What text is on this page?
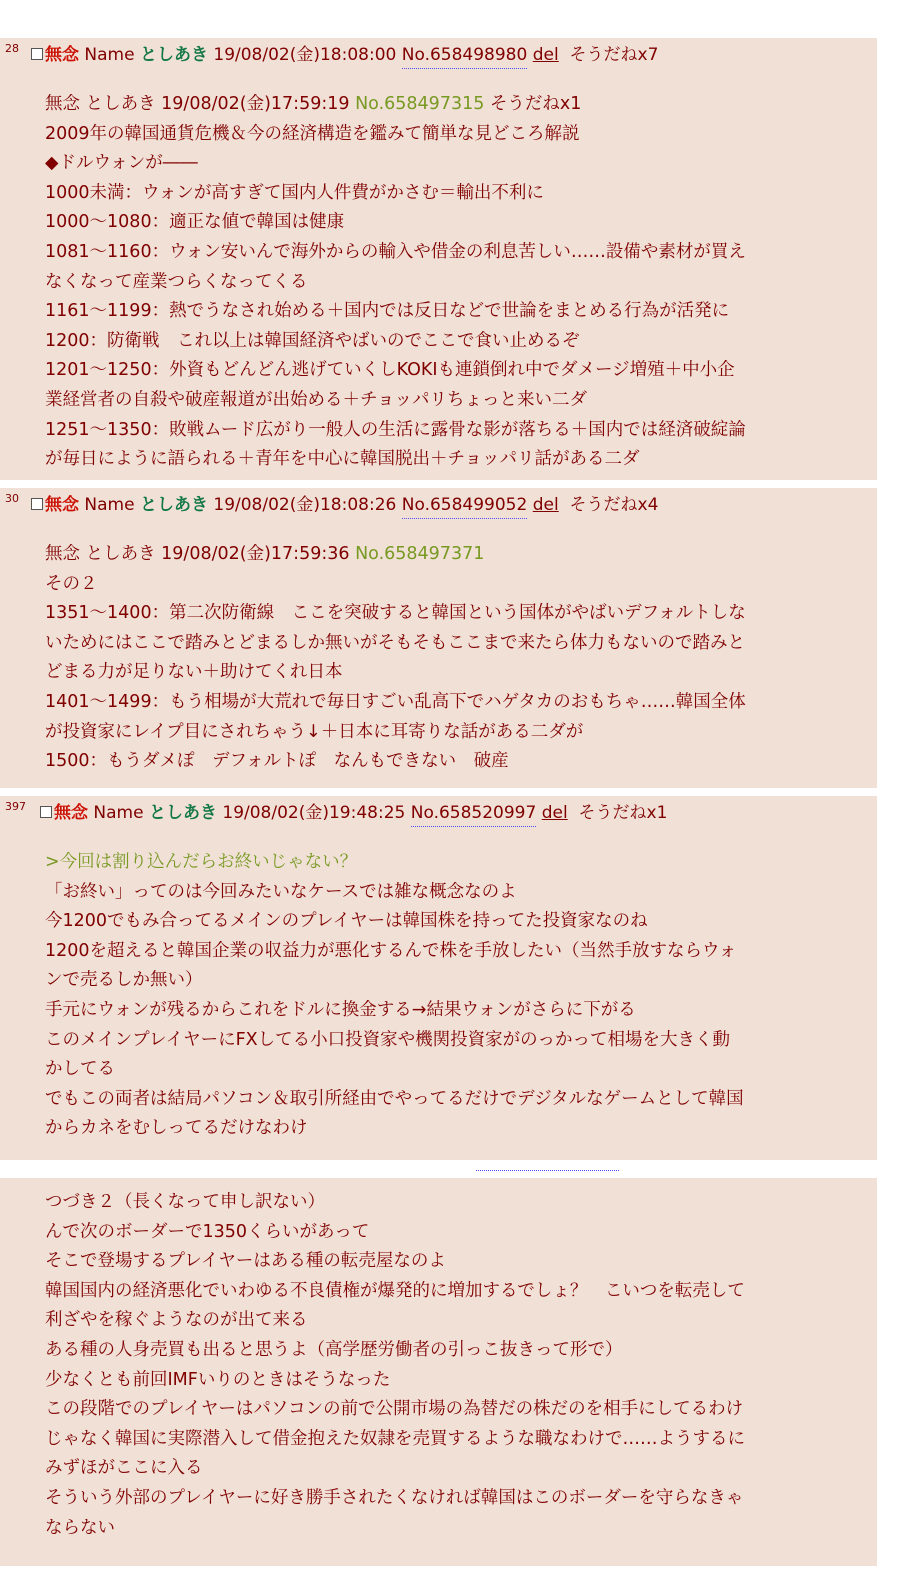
28	無念 Name としあき 19/08/02(金)18:08:00 No.658498980 del そうだねx7
無念 としあき 19/08/02(金)17:59:19 No.658497315 そうだねx1
2009年の韓国通貨危機＆今の経済構造を鑑みて簡単な見どころ解説
◆ドルウォンが――
1000未満：ウォンが高すぎて国内人件費がかさむ＝輸出不利に
1000～1080：適正な値で韓国は健康
1081～1160：ウォン安いんで海外からの輸入や借金の利息苦しい……設備や素材が買え
なくなって産業つらくなってくる
1161～1199：熱でうなされ始める＋国内では反日などで世論をまとめる行為が活発に
1200：防衛戦　これ以上は韓国経済やばいのでここで食い止めるぞ
1201～1250：外資もどんどん逃げていくしKOKIも連鎖倒れ中でダメージ増殖＋中小企
業経営者の自殺や破産報道が出始める＋チョッパリちょっと来い二ダ
1251～1350：敗戦ムード広がり一般人の生活に露骨な影が落ちる＋国内では経済破綻論
が毎日にように語られる＋青年を中心に韓国脱出＋チョッパリ話がある二ダ
30	無念 Name としあき 19/08/02(金)18:08:26 No.658499052 del そうだねx4
無念 としあき 19/08/02(金)17:59:36 No.658497371
その２
1351～1400：第二次防衛線　ここを突破すると韓国という国体がやばいデフォルトしな
いためにはここで踏みとどまるしか無いがそもそもここまで来たら体力もないので踏みと
どまる力が足りない＋助けてくれ日本
1401～1499：もう相場が大荒れで毎日すごい乱高下でハゲタカのおもちゃ……韓国全体
が投資家にレイプ目にされちゃう↓＋日本に耳寄りな話がある二ダが
1500：もうダメぽ　デフォルトぽ　なんもできない　破産
397	無念 Name としあき 19/08/02(金)19:48:25 No.658520997 del そうだねx1
>今回は割り込んだらお終いじゃない？
「お終い」ってのは今回みたいなケースでは雑な概念なのよ
今1200でもみ合ってるメインのプレイヤーは韓国株を持ってた投資家なのね
1200を超えると韓国企業の収益力が悪化するんで株を手放したい（当然手放すならウォ
ンで売るしか無い）
手元にウォンが残るからこれをドルに換金する→結果ウォンがさらに下がる
このメインプレイヤーにFXしてる小口投資家や機関投資家がのっかって相場を大きく動
かしてる
でもこの両者は結局パソコン＆取引所経由でやってるだけでデジタルなゲームとして韓国
からカネをむしってるだけなわけ
つづき２（長くなって申し訳ない）
んで次のボーダーで1350くらいがあって
そこで登場するプレイヤーはある種の転売屋なのよ
韓国国内の経済悪化でいわゆる不良債権が爆発的に増加するでしょ？　こいつを転売して
利ざやを稼ぐようなのが出て来る
ある種の人身売買も出ると思うよ（高学歴労働者の引っこ抜きって形で）
少なくとも前回IMFいりのときはそうなった
この段階でのプレイヤーはパソコンの前で公開市場の為替だの株だのを相手にしてるわけ
じゃなく韓国に実際潜入して借金抱えた奴隷を売買するような職なわけで……ようするに
みずほがここに入る
そういう外部のプレイヤーに好き勝手されたくなければ韓国はこのボーダーを守らなきゃ
ならない
